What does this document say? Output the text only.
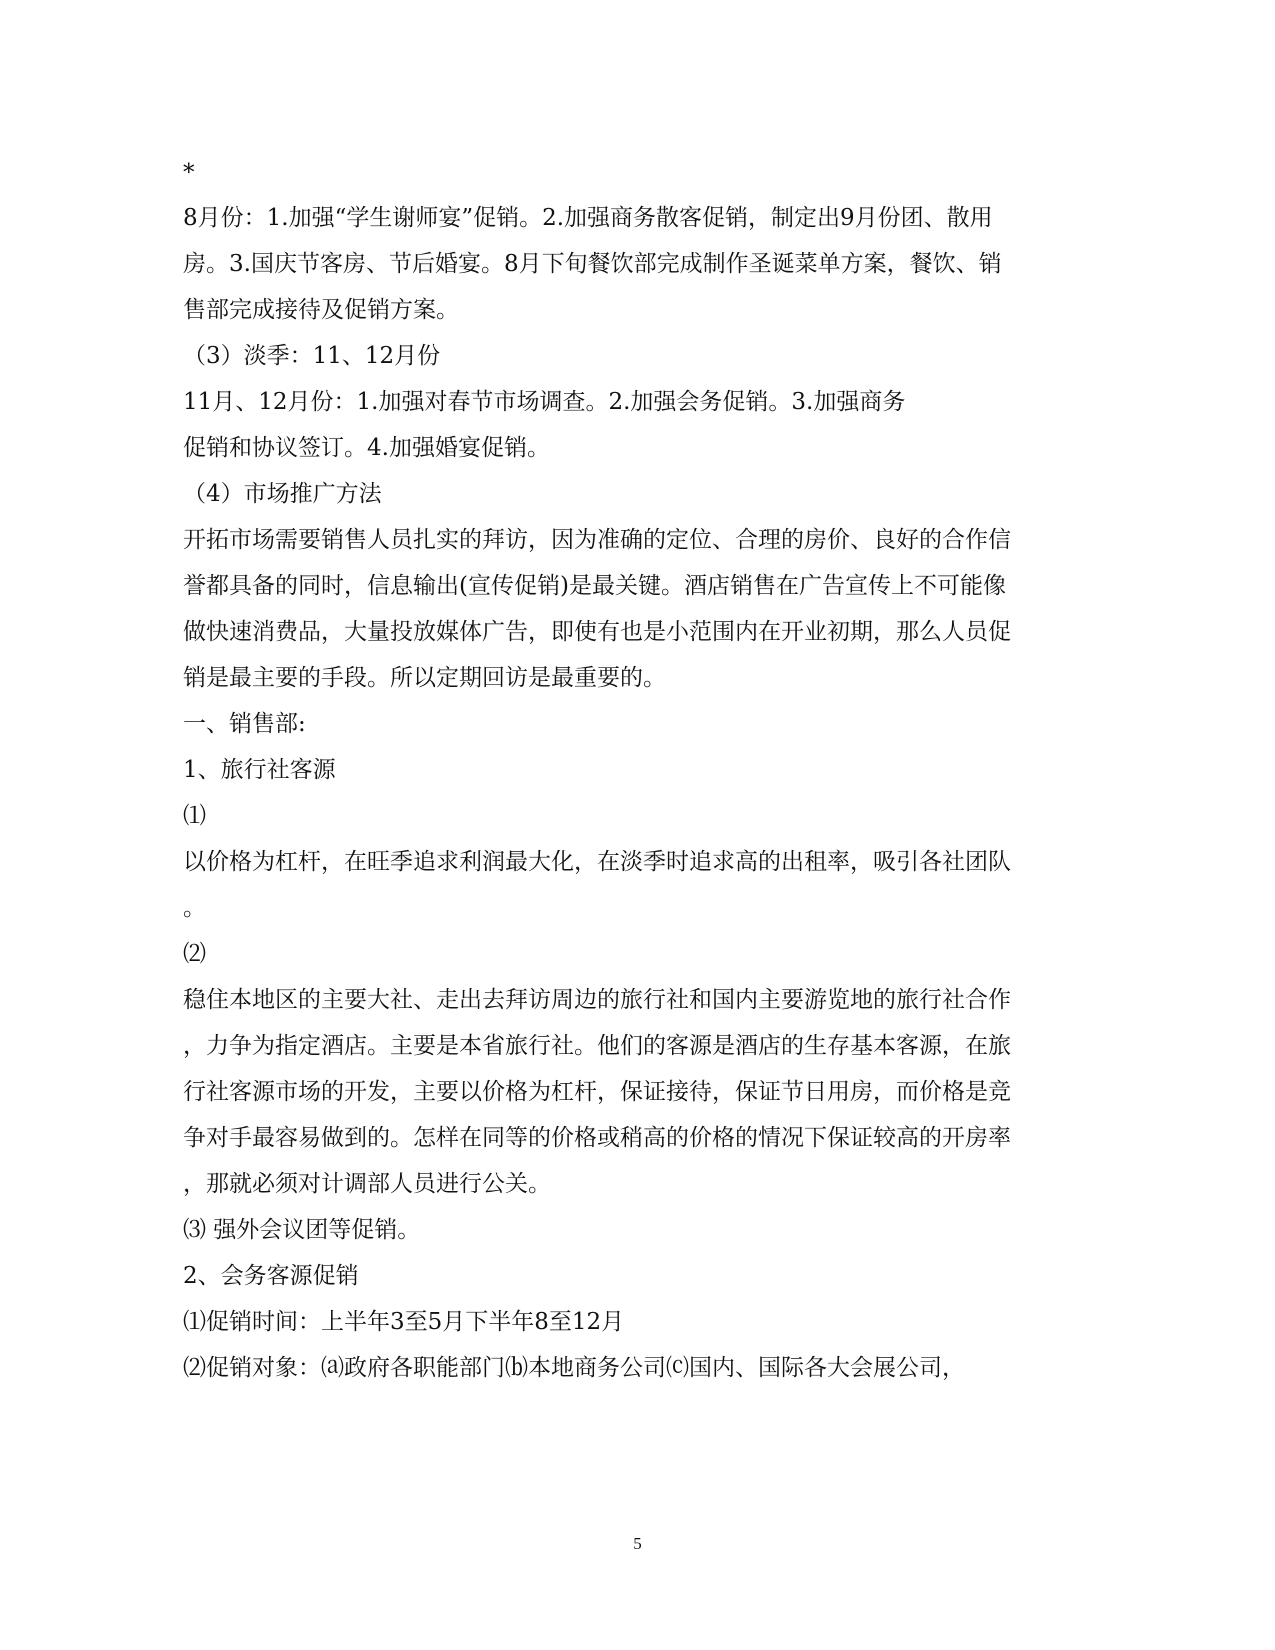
*
8月份：1.加强“学生谢师宴”促销。2.加强商务散客促销，制定出9月份团、散用
房。3.国庆节客房、节后婚宴。8月下旬餐饮部完成制作圣诞菜单方案，餐饮、销
售部完成接待及促销方案。
（3）淡季：11、12月份
11月、12月份：1.加强对春节市场调查。2.加强会务促销。3.加强商务
促销和协议签订。4.加强婚宴促销。
（4）市场推广方法
开拓市场需要销售人员扎实的拜访，因为准确的定位、合理的房价、良好的合作信
誉都具备的同时，信息输出(宣传促销)是最关键。酒店销售在广告宣传上不可能像
做快速消费品，大量投放媒体广告，即使有也是小范围内在开业初期，那么人员促
销是最主要的手段。所以定期回访是最重要的。
一、销售部:
1、旅行社客源
⑴
以价格为杠杆，在旺季追求利润最大化，在淡季时追求高的出租率，吸引各社团队
。
⑵
稳住本地区的主要大社、走出去拜访周边的旅行社和国内主要游览地的旅行社合作
，力争为指定酒店。主要是本省旅行社。他们的客源是酒店的生存基本客源，在旅
行社客源市场的开发，主要以价格为杠杆，保证接待，保证节日用房，而价格是竞
争对手最容易做到的。怎样在同等的价格或稍高的价格的情况下保证较高的开房率
，那就必须对计调部人员进行公关。
⑶ 强外会议团等促销。
2、会务客源促销
⑴促销时间：上半年3至5月下半年8至12月
⑵促销对象：⒜政府各职能部门⒝本地商务公司⒞国内、国际各大会展公司，
5
